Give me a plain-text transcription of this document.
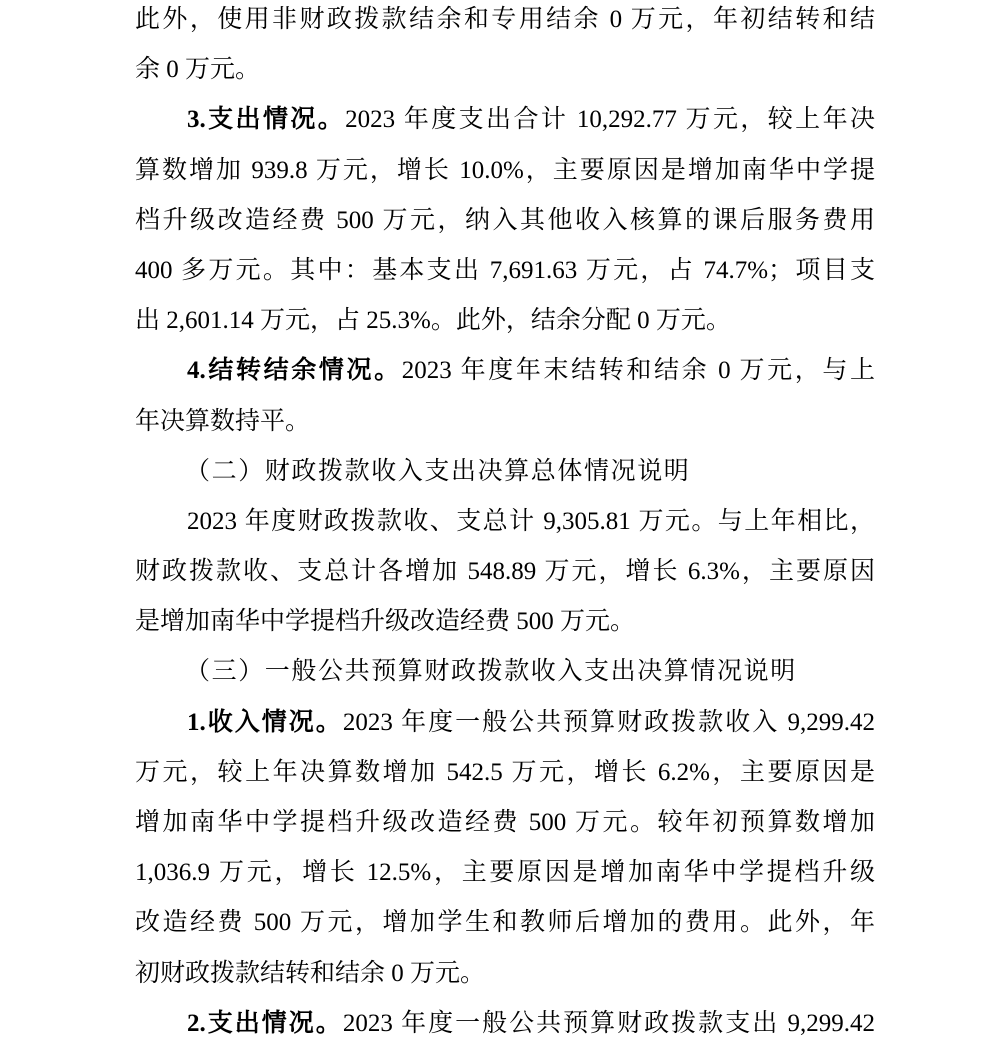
此外，使用非财政拨款结余和专用结余 0 万元，年初结转和结
余 0 万元。
3.支出情况。2023 年度支出合计 10,292.77 万元，较上年决
算数增加 939.8 万元，增长 10.0%，主要原因是增加南华中学提
档升级改造经费 500 万元，纳入其他收入核算的课后服务费用
400 多万元。其中：基本支出 7,691.63 万元，占 74.7%；项目支
出 2,601.14 万元，占 25.3%。此外，结余分配 0 万元。
4.结转结余情况。2023 年度年末结转和结余 0 万元，与上
年决算数持平。
（二）财政拨款收入支出决算总体情况说明
2023 年度财政拨款收、支总计 9,305.81 万元。与上年相比，
财政拨款收、支总计各增加 548.89 万元，增长 6.3%，主要原因
是增加南华中学提档升级改造经费 500 万元。
（三）一般公共预算财政拨款收入支出决算情况说明
1.收入情况。2023 年度一般公共预算财政拨款收入 9,299.42
万元，较上年决算数增加 542.5 万元，增长 6.2%，主要原因是
增加南华中学提档升级改造经费 500 万元。较年初预算数增加
1,036.9 万元，增长 12.5%，主要原因是增加南华中学提档升级
改造经费 500 万元，增加学生和教师后增加的费用。此外，年
初财政拨款结转和结余 0 万元。
2.支出情况。2023 年度一般公共预算财政拨款支出 9,299.42
